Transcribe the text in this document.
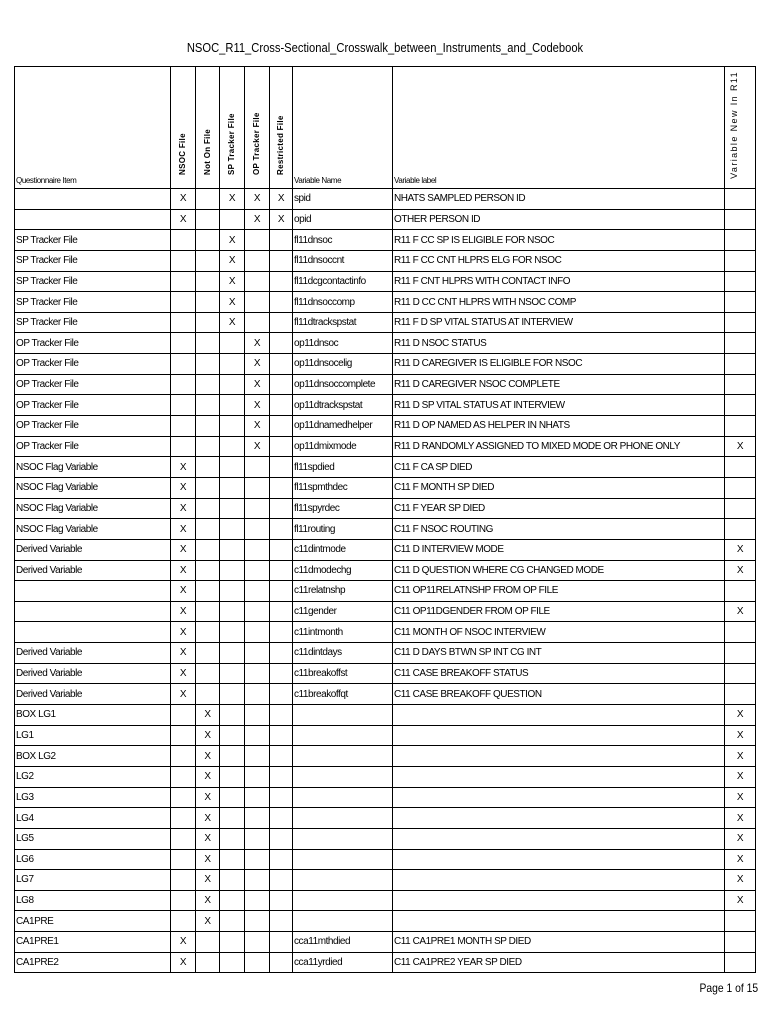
NSOC_R11_Cross-Sectional_Crosswalk_between_Instruments_and_Codebook
Questionnaire Item	NSOC File	Not On File	SP Tracker File	OP Tracker File	Restricted File	Variable Name	Variable label	Variable New In R11

	X		X	X	X	spid	NHATS SAMPLED PERSON ID	
	X			X	X	opid	OTHER PERSON ID	
SP Tracker File			X			fl11dnsoc	R11 F CC SP IS ELIGIBLE FOR NSOC	
SP Tracker File			X			fl11dnsoccnt	R11 F CC CNT HLPRS ELG FOR NSOC	
SP Tracker File			X			fl11dcgcontactinfo	R11 F CNT HLPRS WITH CONTACT INFO	
SP Tracker File			X			fl11dnsoccomp	R11 D CC CNT HLPRS WITH NSOC COMP	
SP Tracker File			X			fl11dtrackspstat	R11 F D SP VITAL STATUS AT INTERVIEW	
OP Tracker File				X		op11dnsoc	R11 D NSOC STATUS	
OP Tracker File				X		op11dnsocelig	R11 D CAREGIVER IS ELIGIBLE FOR NSOC	
OP Tracker File				X		op11dnsoccomplete	R11 D CAREGIVER NSOC COMPLETE	
OP Tracker File				X		op11dtrackspstat	R11 D SP VITAL STATUS AT INTERVIEW	
OP Tracker File				X		op11dnamedhelper	R11 D OP NAMED AS HELPER IN NHATS	
OP Tracker File				X		op11dmixmode	R11 D RANDOMLY ASSIGNED TO MIXED MODE OR PHONE ONLY	X
NSOC Flag Variable	X					fl11spdied	C11 F CA SP DIED	
NSOC Flag Variable	X					fl11spmthdec	C11 F MONTH SP DIED	
NSOC Flag Variable	X					fl11spyrdec	C11 F YEAR SP DIED	
NSOC Flag Variable	X					fl11routing	C11 F NSOC ROUTING	
Derived Variable	X					c11dintmode	C11 D INTERVIEW MODE	X
Derived Variable	X					c11dmodechg	C11 D QUESTION WHERE CG CHANGED MODE	X
	X					c11relatnshp	C11 OP11RELATNSHP FROM OP FILE	
	X					c11gender	C11 OP11DGENDER FROM OP FILE	X
	X					c11intmonth	C11 MONTH OF NSOC INTERVIEW	
Derived Variable	X					c11dintdays	C11 D DAYS BTWN SP INT CG INT	
Derived Variable	X					c11breakoffst	C11 CASE BREAKOFF STATUS	
Derived Variable	X					c11breakoffqt	C11 CASE BREAKOFF QUESTION	
BOX LG1		X						X
LG1		X						X
BOX LG2		X						X
LG2		X						X
LG3		X						X
LG4		X						X
LG5		X						X
LG6		X						X
LG7		X						X
LG8		X						X
CA1PRE		X						
CA1PRE1	X					cca11mthdied	C11 CA1PRE1 MONTH SP DIED	
CA1PRE2	X					cca11yrdied	C11 CA1PRE2 YEAR SP DIED	
Page 1 of 15
